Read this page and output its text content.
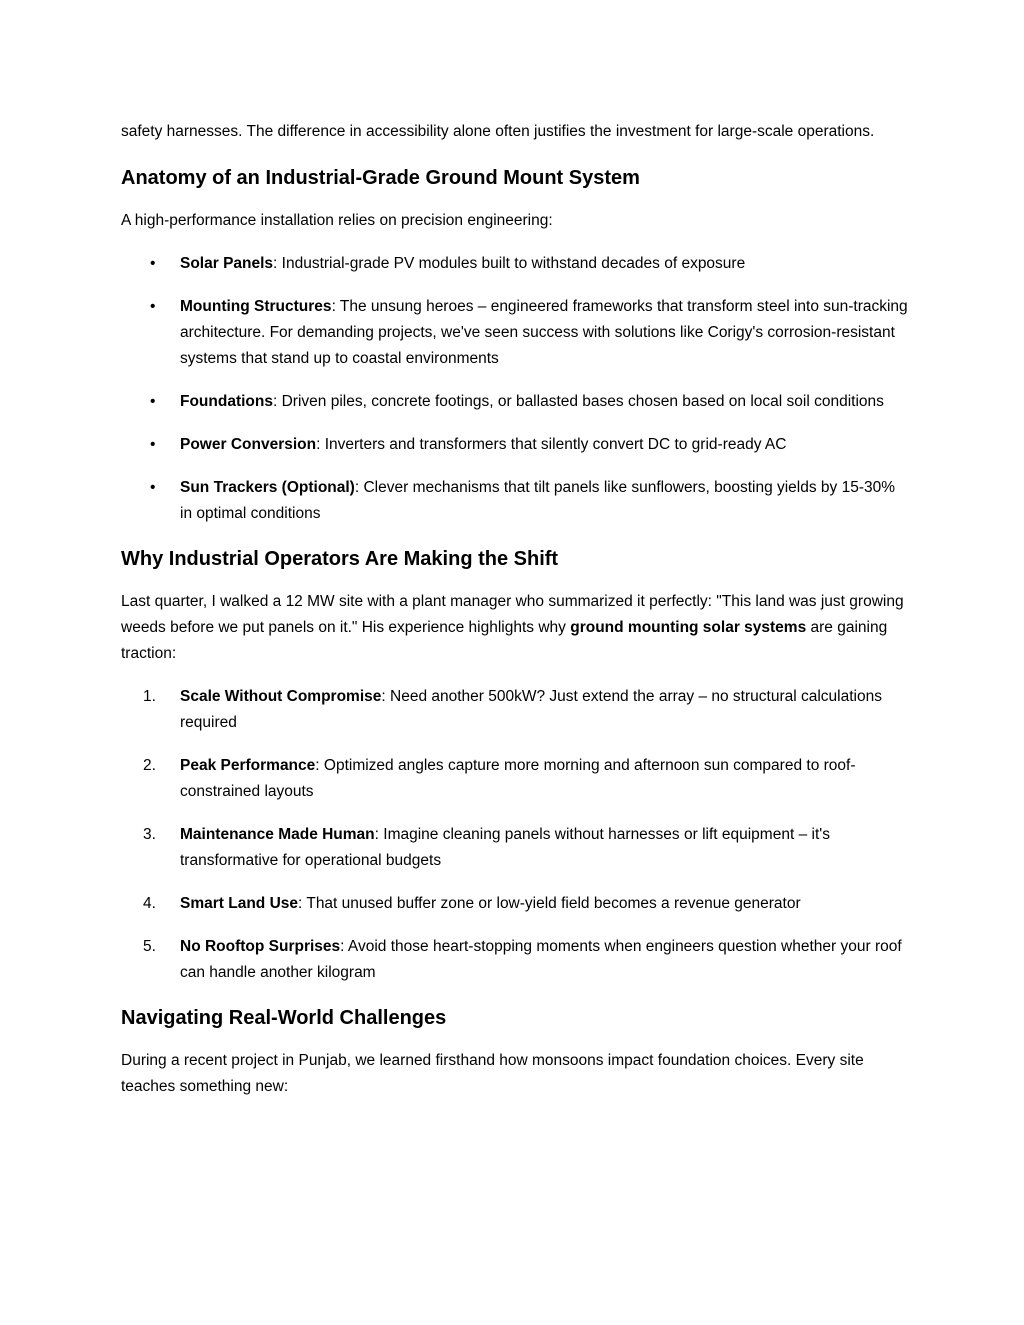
safety harnesses. The difference in accessibility alone often justifies the investment for large-scale operations.

Anatomy of an Industrial-Grade Ground Mount System

A high-performance installation relies on precision engineering:

• Solar Panels: Industrial-grade PV modules built to withstand decades of exposure
• Mounting Structures: The unsung heroes – engineered frameworks that transform steel into sun-tracking architecture. For demanding projects, we've seen success with solutions like Corigy's corrosion-resistant systems that stand up to coastal environments
• Foundations: Driven piles, concrete footings, or ballasted bases chosen based on local soil conditions
• Power Conversion: Inverters and transformers that silently convert DC to grid-ready AC
• Sun Trackers (Optional): Clever mechanisms that tilt panels like sunflowers, boosting yields by 15-30% in optimal conditions
Why Industrial Operators Are Making the Shift

Last quarter, I walked a 12 MW site with a plant manager who summarized it perfectly: "This land was just growing weeds before we put panels on it." His experience highlights why ground mounting solar systems are gaining traction:

1. Scale Without Compromise: Need another 500kW? Just extend the array – no structural calculations required
2. Peak Performance: Optimized angles capture more morning and afternoon sun compared to roof-constrained layouts
3. Maintenance Made Human: Imagine cleaning panels without harnesses or lift equipment – it's transformative for operational budgets
4. Smart Land Use: That unused buffer zone or low-yield field becomes a revenue generator
5. No Rooftop Surprises: Avoid those heart-stopping moments when engineers question whether your roof can handle another kilogram
Navigating Real-World Challenges

During a recent project in Punjab, we learned firsthand how monsoons impact foundation choices. Every site teaches something new:
